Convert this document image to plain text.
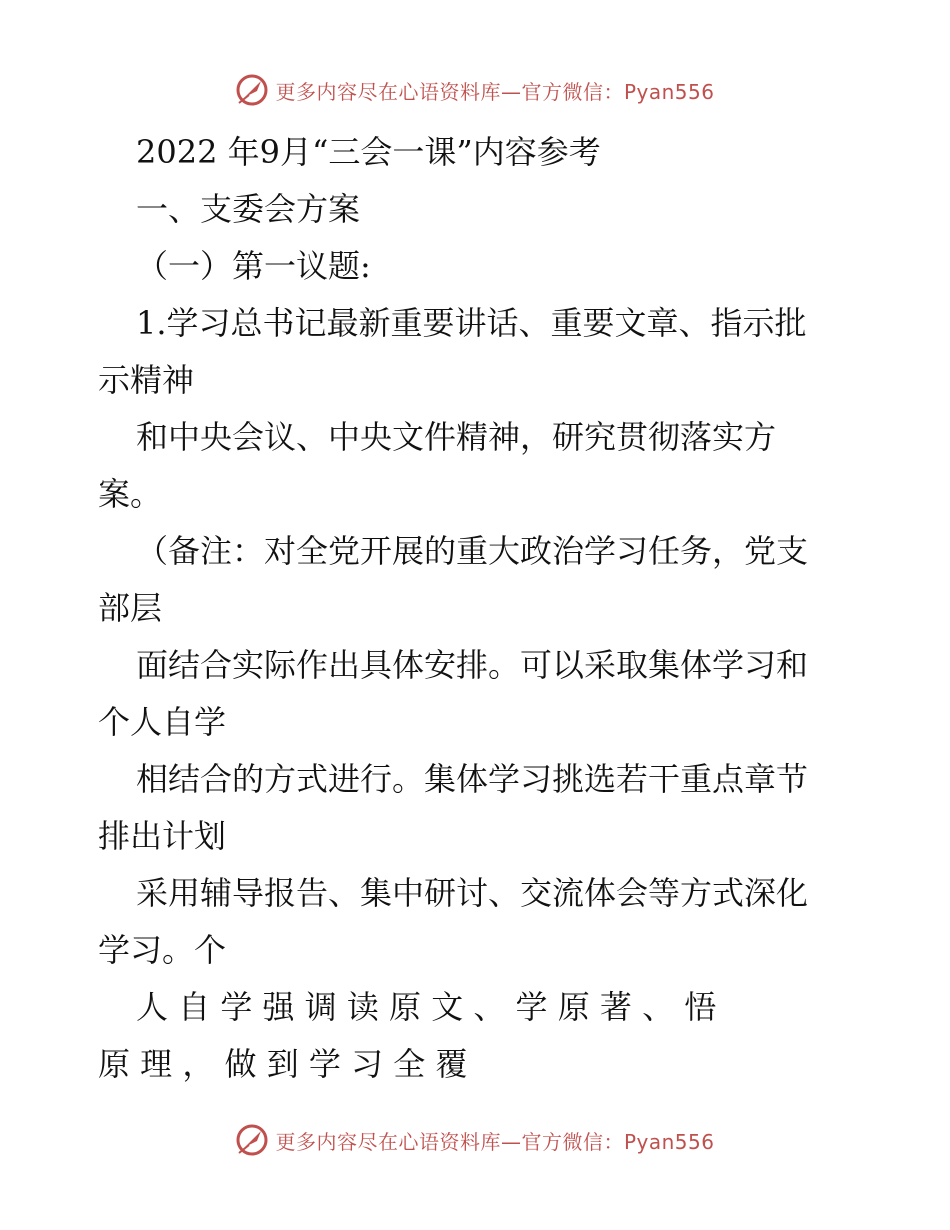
更多内容尽在心语资料库—官方微信：Pyan556
2022 年9月“三会一课”内容参考
一、支委会方案
（一）第一议题:
1.学习总书记最新重要讲话、重要文章、指示批
示精神
和中央会议、中央文件精神，研究贯彻落实方
案。
（备注：对全党开展的重大政治学习任务，党支
部层
面结合实际作出具体安排。可以采取集体学习和
个人自学
相结合的方式进行。集体学习挑选若干重点章节
排出计划
采用辅导报告、集中研讨、交流体会等方式深化
学习。个
人 自 学 强 调 读 原 文 、 学 原 著 、 悟
原 理 ， 做 到 学 习 全 覆
更多内容尽在心语资料库—官方微信：Pyan556
